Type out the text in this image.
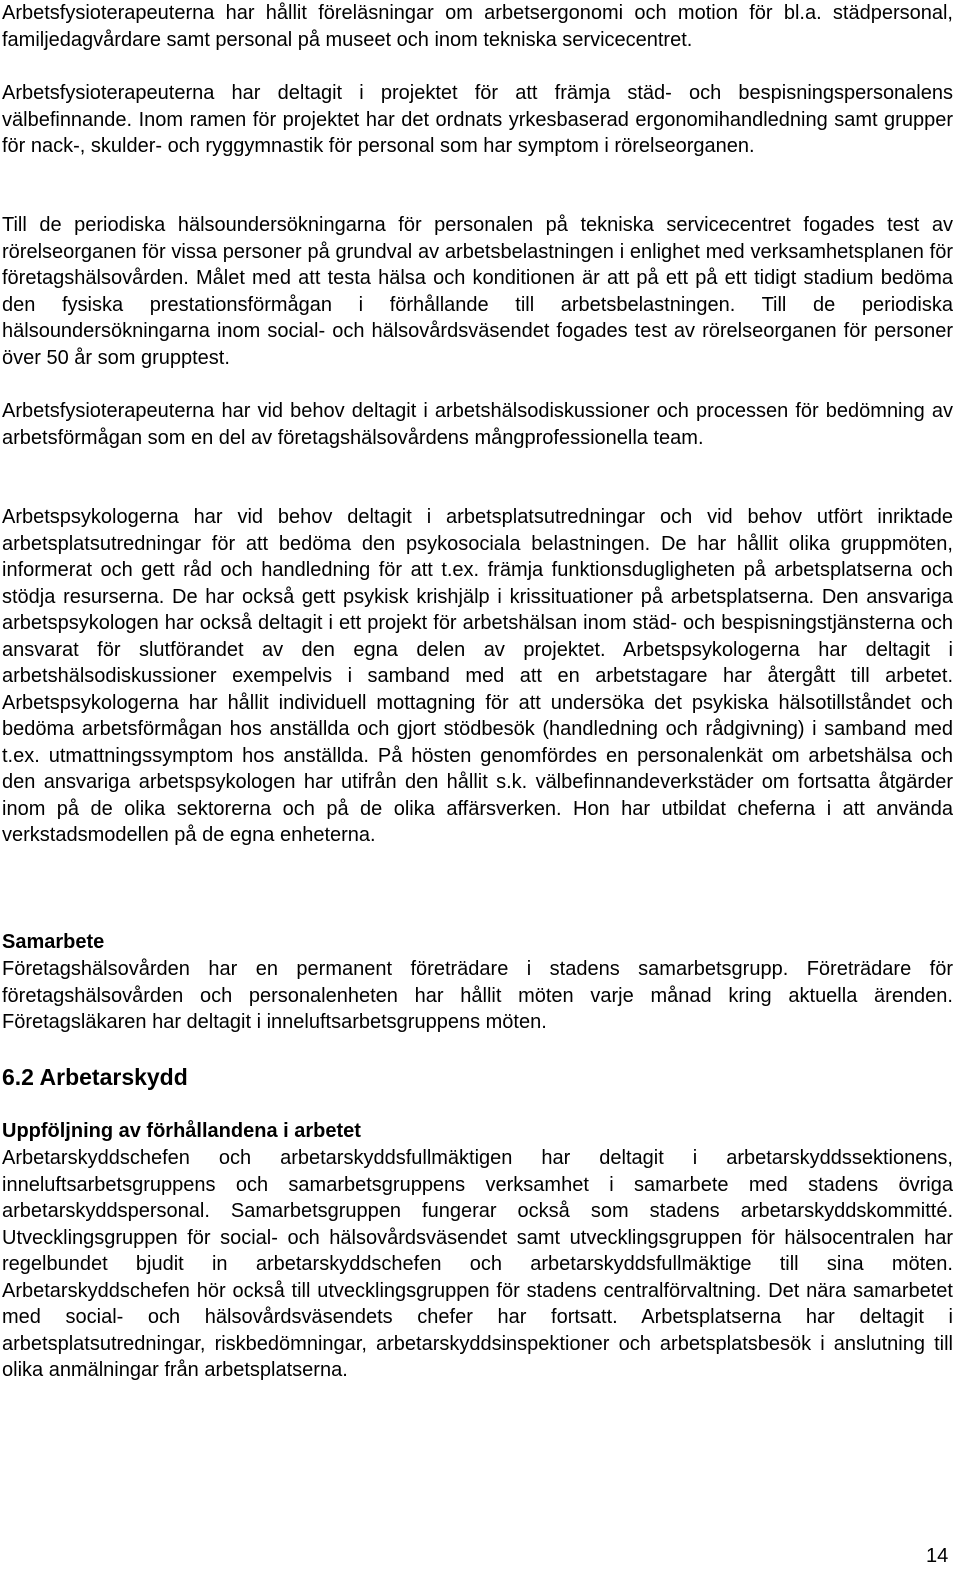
Arbetsfysioterapeuterna har hållit föreläsningar om arbetsergonomi och motion för bl.a. städpersonal, familjedagvårdare samt personal på museet och inom tekniska servicecentret.

Arbetsfysioterapeuterna har deltagit i projektet för att främja städ- och bespisningspersonalens välbefinnande. Inom ramen för projektet har det ordnats yrkesbaserad ergonomihandledning samt grupper för nack-, skulder- och ryggymnastik för personal som har symptom i rörelseorganen.

Till de periodiska hälsoundersökningarna för personalen på tekniska servicecentret fogades test av rörelseorganen för vissa personer på grundval av arbetsbelastningen i enlighet med verksamhetsplanen för företagshälsovården. Målet med att testa hälsa och konditionen är att på ett på ett tidigt stadium bedöma den fysiska prestationsförmågan i förhållande till arbetsbelastningen. Till de periodiska hälsoundersökningarna inom social- och hälsovårdsväsendet fogades test av rörelseorganen för personer över 50 år som grupptest.

Arbetsfysioterapeuterna har vid behov deltagit i arbetshälsodiskussioner och processen för bedömning av arbetsförmågan som en del av företagshälsovårdens mångprofessionella team.

Arbetspsykologerna har vid behov deltagit i arbetsplatsutredningar och vid behov utfört inriktade arbetsplatsutredningar för att bedöma den psykosociala belastningen. De har hållit olika gruppmöten, informerat och gett råd och handledning för att t.ex. främja funktionsdugligheten på arbetsplatserna och stödja resurserna. De har också gett psykisk krishjälp i krissituationer på arbetsplatserna. Den ansvariga arbetspsykologen har också deltagit i ett projekt för arbetshälsan inom städ- och bespisningstjänsterna och ansvarat för slutförandet av den egna delen av projektet. Arbetspsykologerna har deltagit i arbetshälsodiskussioner exempelvis i samband med att en arbetstagare har återgått till arbetet. Arbetspsykologerna har hållit individuell mottagning för att undersöka det psykiska hälsotillståndet och bedöma arbetsförmågan hos anställda och gjort stödbesök (handledning och rådgivning) i samband med t.ex. utmattningssymptom hos anställda. På hösten genomfördes en personalenkät om arbetshälsa och den ansvariga arbetspsykologen har utifrån den hållit s.k. välbefinnandeverkstäder om fortsatta åtgärder inom på de olika sektorerna och på de olika affärsverken. Hon har utbildat cheferna i att använda verkstadsmodellen på de egna enheterna.

Samarbete

Företagshälsovården har en permanent företrädare i stadens samarbetsgrupp. Företrädare för företagshälsovården och personalenheten har hållit möten varje månad kring aktuella ärenden. Företagsläkaren har deltagit i inneluftsarbetsgruppens möten.

6.2 Arbetarskydd
Uppföljning av förhållandena i arbetet

Arbetarskyddschefen och arbetarskyddsfullmäktigen har deltagit i arbetarskyddssektionens, inneluftsarbetsgruppens och samarbetsgruppens verksamhet i samarbete med stadens övriga arbetarskyddspersonal. Samarbetsgruppen fungerar också som stadens arbetarskyddskommitté. Utvecklingsgruppen för social- och hälsovårdsväsendet samt utvecklingsgruppen för hälsocentralen har regelbundet bjudit in arbetarskyddschefen och arbetarskyddsfullmäktige till sina möten. Arbetarskyddschefen hör också till utvecklingsgruppen för stadens centralförvaltning. Det nära samarbetet med social- och hälsovårdsväsendets chefer har fortsatt. Arbetsplatserna har deltagit i arbetsplatsutredningar, riskbedömningar, arbetarskyddsinspektioner och arbetsplatsbesök i anslutning till olika anmälningar från arbetsplatserna.

14
